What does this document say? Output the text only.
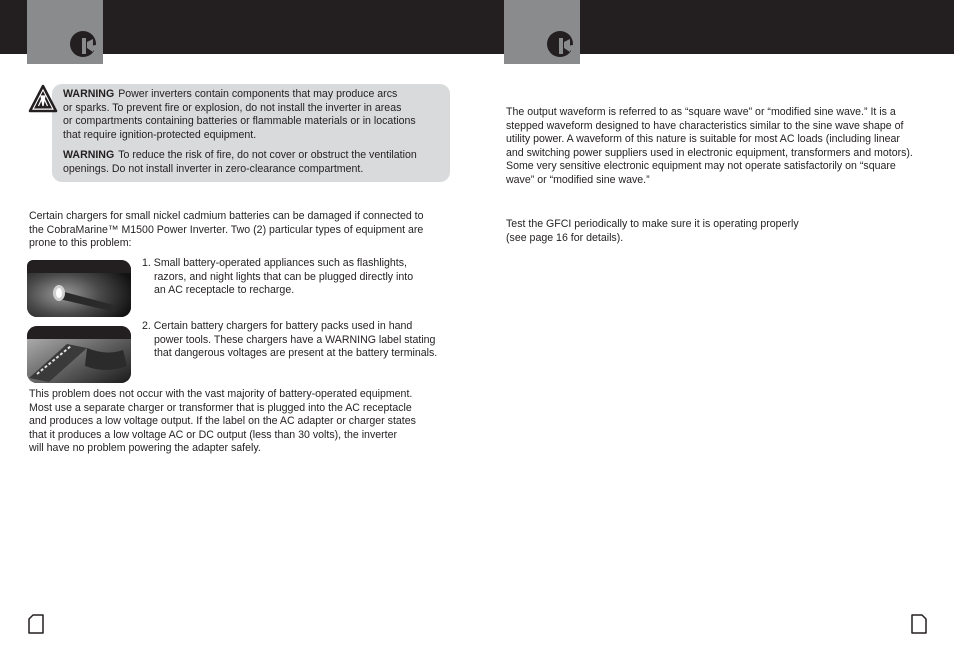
WARNING Power inverters contain components that may produce arcs
or sparks. To prevent fire or explosion, do not install the inverter in areas
or compartments containing batteries or flammable materials or in locations
that require ignition-protected equipment.

WARNING To reduce the risk of fire, do not cover or obstruct the ventilation
openings. Do not install inverter in zero-clearance compartment.

Certain chargers for small nickel cadmium batteries can be damaged if connected to
the CobraMarine™ M1500 Power Inverter. Two (2) particular types of equipment are
prone to this problem:

1. Small battery-operated appliances such as flashlights,
razors, and night lights that can be plugged directly into
an AC receptacle to recharge.

2. Certain battery chargers for battery packs used in hand
power tools. These chargers have a WARNING label stating
that dangerous voltages are present at the battery terminals.

This problem does not occur with the vast majority of battery-operated equipment.
Most use a separate charger or transformer that is plugged into the AC receptacle
and produces a low voltage output. If the label on the AC adapter or charger states
that it produces a low voltage AC or DC output (less than 30 volts), the inverter
will have no problem powering the adapter safely.

The output waveform is referred to as “square wave” or “modified sine wave.” It is a
stepped waveform designed to have characteristics similar to the sine wave shape of
utility power. A waveform of this nature is suitable for most AC loads (including linear
and switching power suppliers used in electronic equipment, transformers and motors).
Some very sensitive electronic equipment may not operate satisfactorily on “square
wave” or “modified sine wave.”

Test the GFCI periodically to make sure it is operating properly
(see page 16 for details).
